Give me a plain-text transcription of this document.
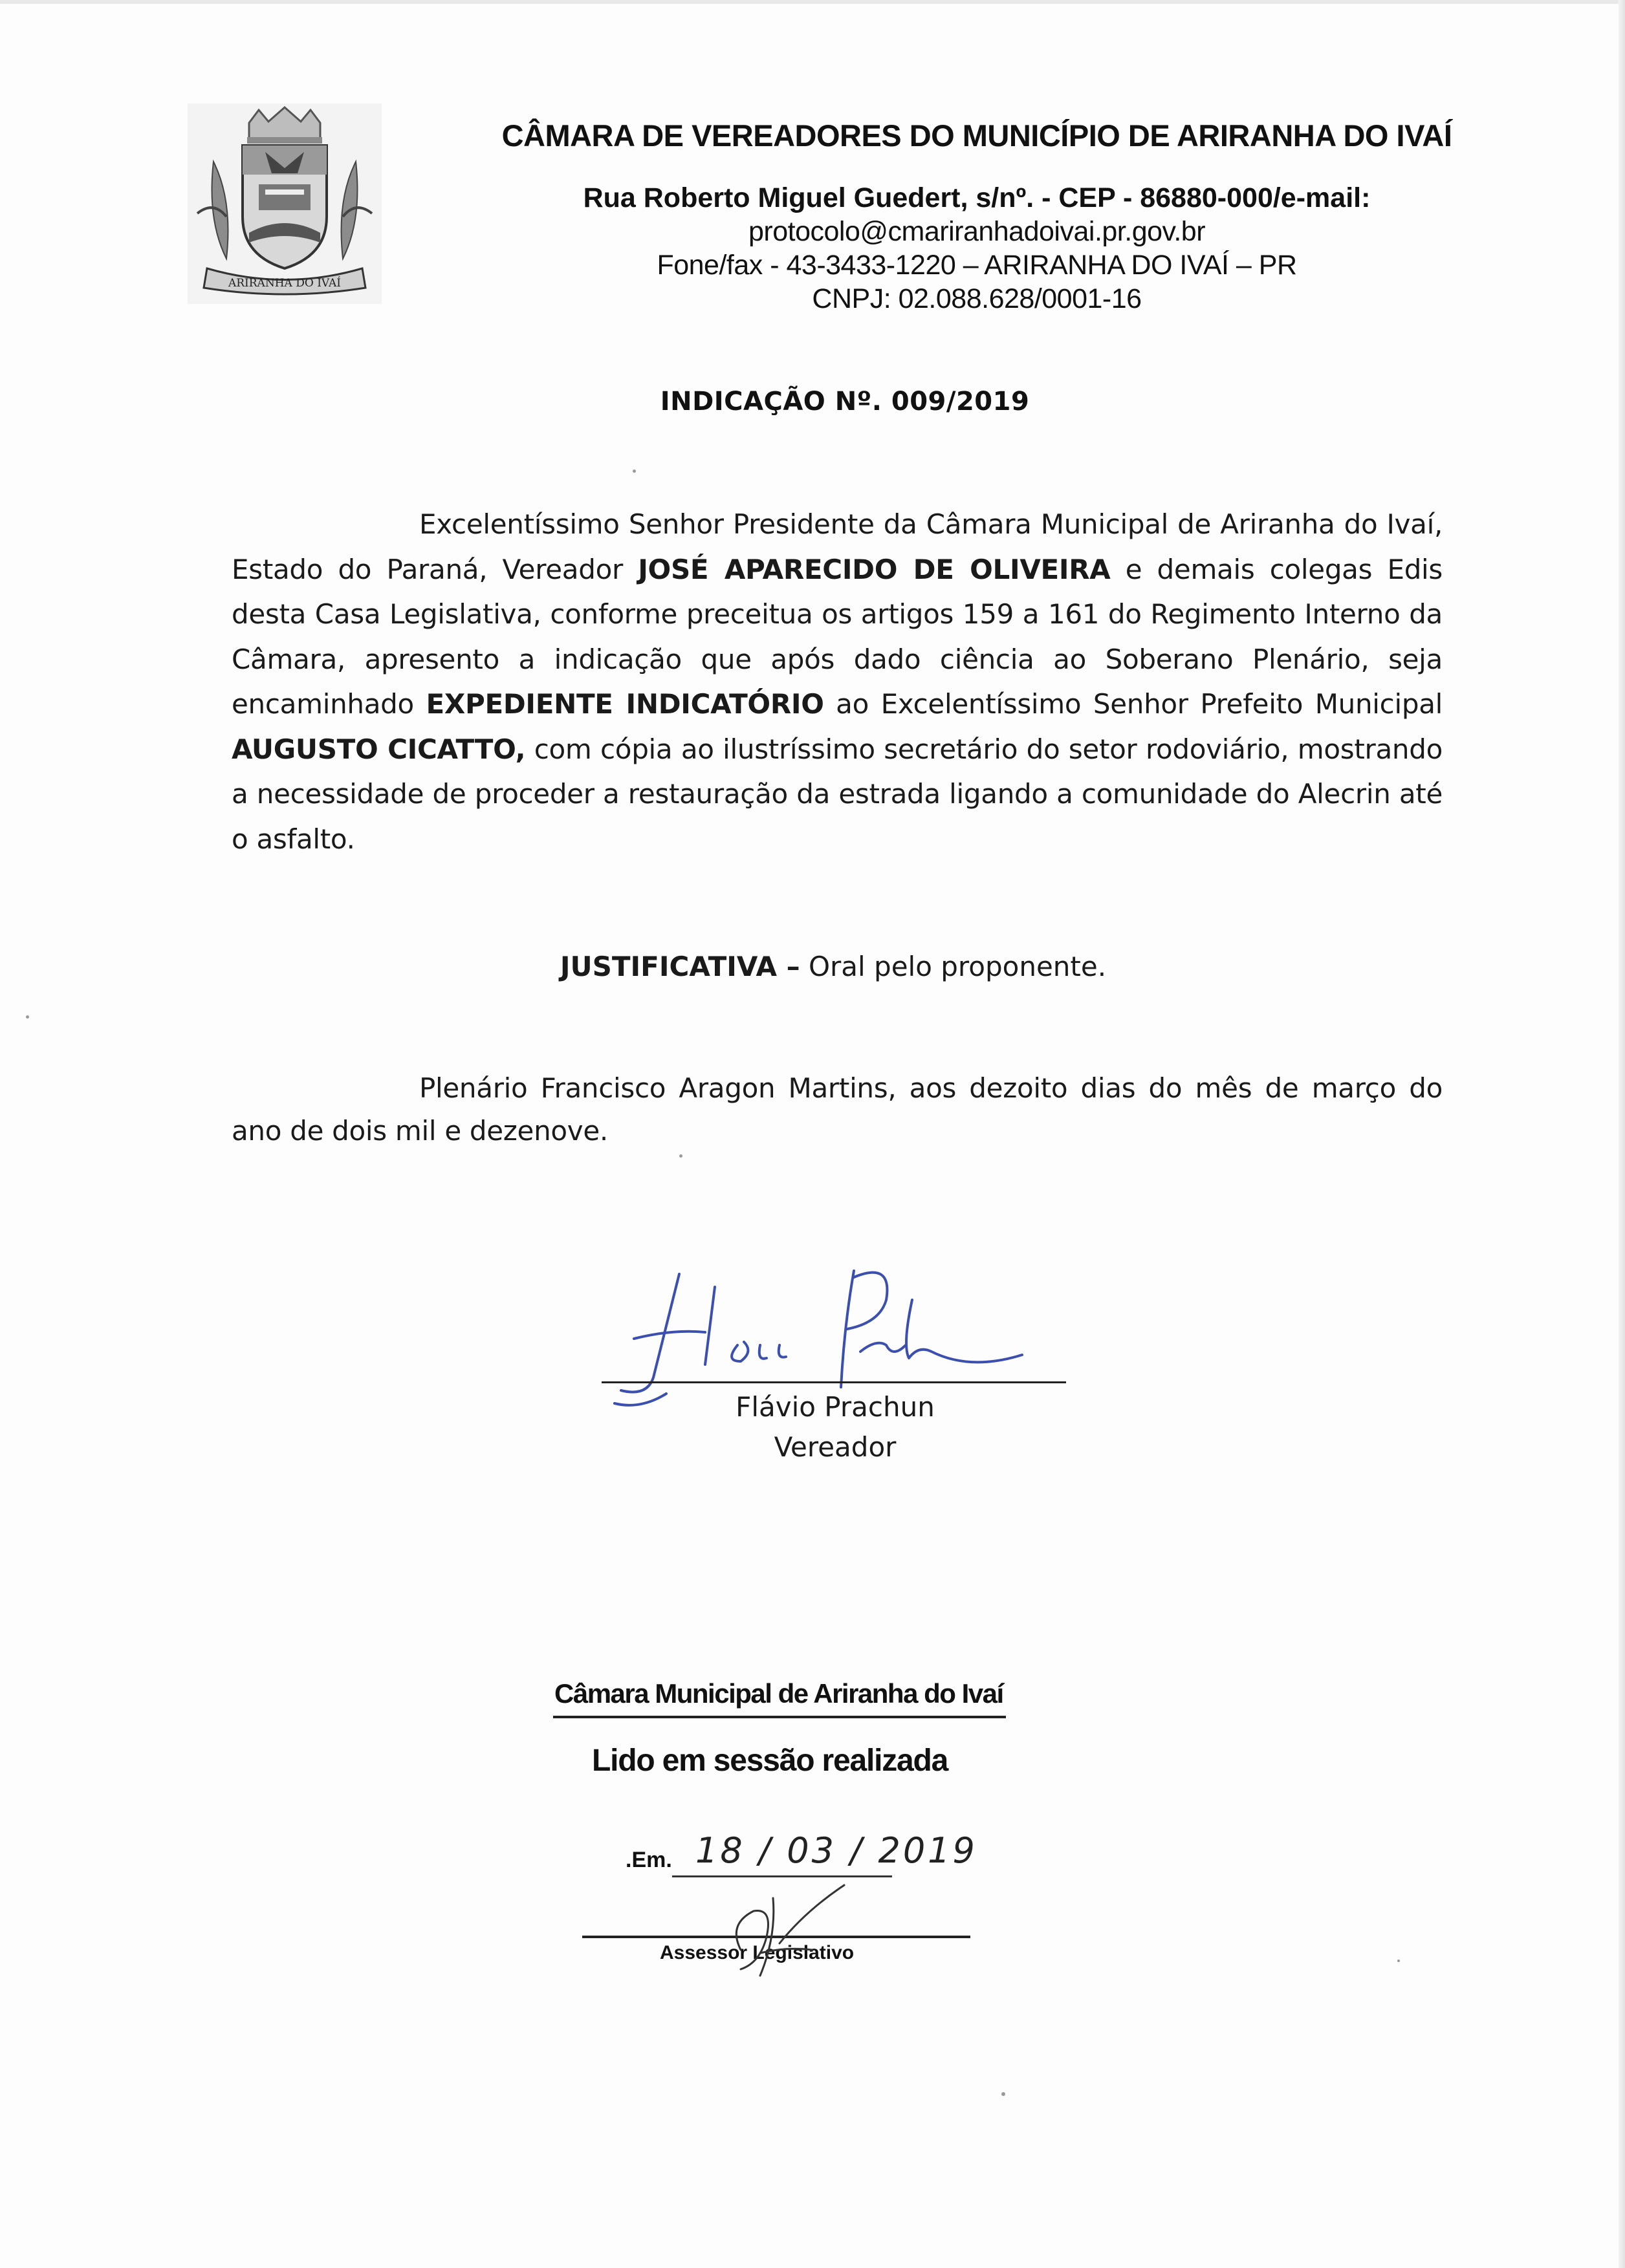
ARIRANHA DO IVAÍ

CÂMARA DE VEREADORES DO MUNICÍPIO DE ARIRANHA DO IVAÍ

Rua Roberto Miguel Guedert, s/nº. - CEP - 86880-000/e-mail:

protocolo@cmariranhadoivai.pr.gov.br

Fone/fax - 43-3433-1220 – ARIRANHA DO IVAÍ – PR

CNPJ: 02.088.628/0001-16

INDICAÇÃO Nº. 009/2019
Excelentíssimo Senhor Presidente da Câmara Municipal de Ariranha do Ivaí, Estado do Paraná, Vereador JOSÉ APARECIDO DE OLIVEIRA e demais colegas Edis desta Casa Legislativa, conforme preceitua os artigos 159 a 161 do Regimento Interno da Câmara, apresento a indicação que após dado ciência ao Soberano Plenário, seja encaminhado EXPEDIENTE INDICATÓRIO ao Excelentíssimo Senhor Prefeito Municipal AUGUSTO CICATTO, com cópia ao ilustríssimo secretário do setor rodoviário, mostrando a necessidade de proceder a restauração da estrada ligando a comunidade do Alecrin até o asfalto.
JUSTIFICATIVA – Oral pelo proponente.
Plenário Francisco Aragon Martins, aos dezoito dias do mês de março do ano de dois mil e dezenove.
Flávio Prachun
Vereador
Câmara Municipal de Ariranha do Ivaí
Lido em sessão realizada
.Em. 18 / 03 / 2019
Assessor Legislativo
